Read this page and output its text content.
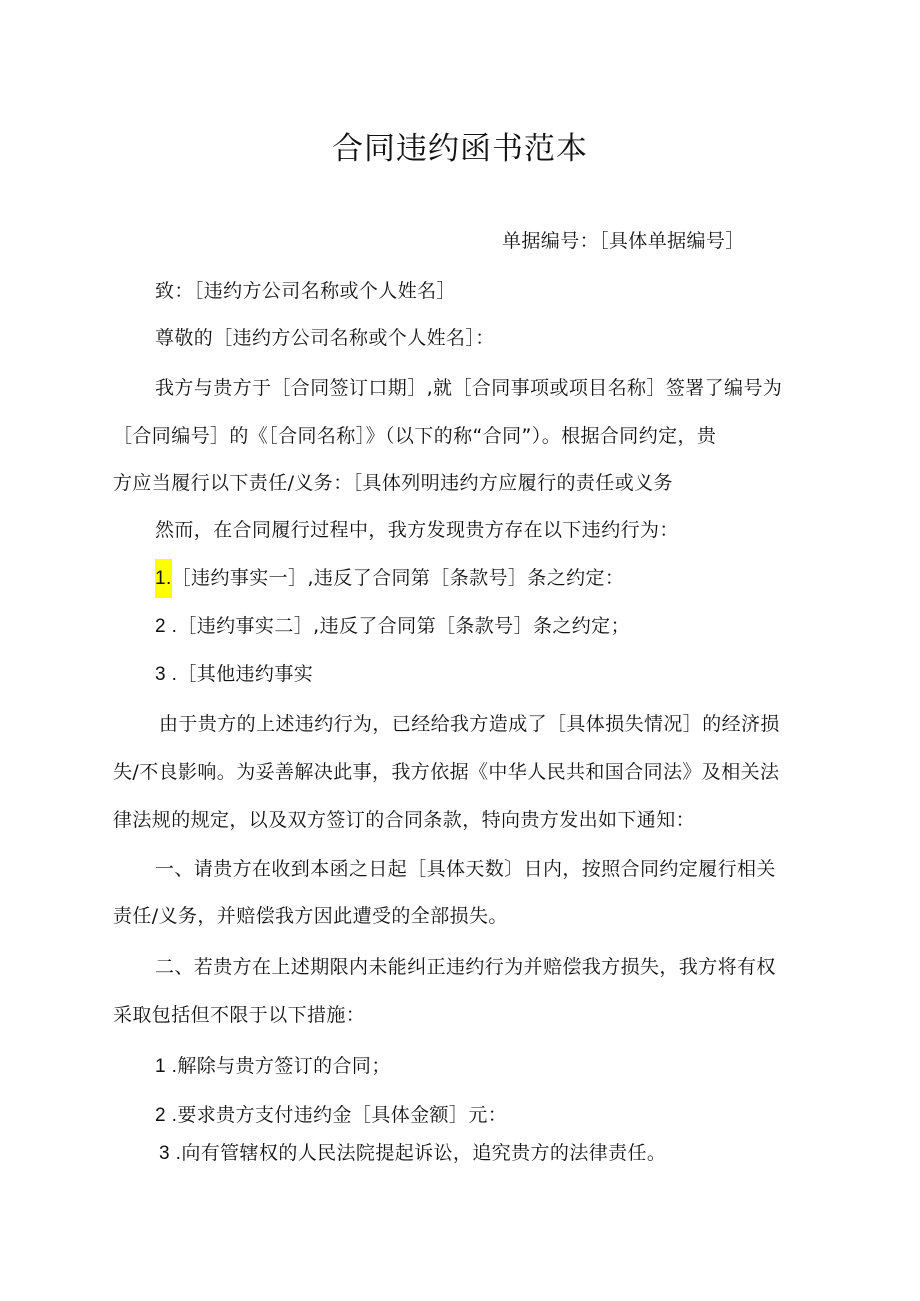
合同违约函书范本
单据编号：［具体单据编号］
致：［违约方公司名称或个人姓名］
尊敬的［违约方公司名称或个人姓名］：
我方与贵方于［合同签订口期］,就［合同事项或项目名称］签署了编号为
［合同编号］的《［合同名称］》（以下的称“合同”）。根据合同约定，贵
方应当履行以下责任/义务：［具体列明违约方应履行的责任或义务
然而，在合同履行过程中，我方发现贵方存在以下违约行为：
1.［违约事实一］,违反了合同第［条款号］条之约定：
2 .［违约事实二］,违反了合同第［条款号］条之约定；
3 .［其他违约事实
由于贵方的上述违约行为，已经给我方造成了［具体损失情况］的经济损
失/不良影响。为妥善解决此事，我方依据《中华人民共和国合同法》及相关法
律法规的规定，以及双方签订的合同条款，特向贵方发出如下通知：
一、请贵方在收到本函之日起［具体天数〕日内，按照合同约定履行相关
责任/义务，并赔偿我方因此遭受的全部损失。
二、若贵方在上述期限内未能纠正违约行为并赔偿我方损失，我方将有权
采取包括但不限于以下措施：
1 .解除与贵方签订的合同；
2 .要求贵方支付违约金［具体金额］元：
3 .向有管辖权的人民法院提起诉讼，追究贵方的法律责任。
